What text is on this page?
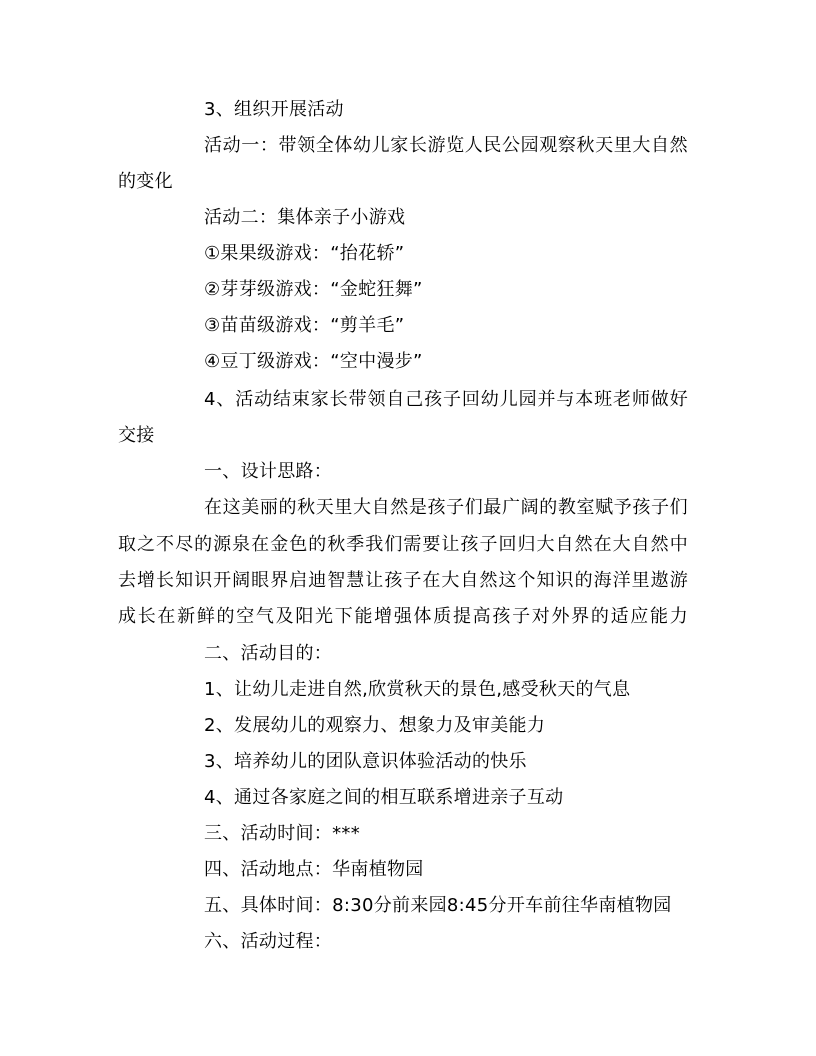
3、组织开展活动
活动一：带领全体幼儿家长游览人民公园观察秋天里大自然
的变化
活动二：集体亲子小游戏
①果果级游戏：“抬花轿”
②芽芽级游戏：“金蛇狂舞”
③苗苗级游戏：“剪羊毛”
④豆丁级游戏：“空中漫步”
4、活动结束家长带领自己孩子回幼儿园并与本班老师做好
交接
一、设计思路：
在这美丽的秋天里大自然是孩子们最广阔的教室赋予孩子们
取之不尽的源泉在金色的秋季我们需要让孩子回归大自然在大自然中
去增长知识开阔眼界启迪智慧让孩子在大自然这个知识的海洋里遨游
成长在新鲜的空气及阳光下能增强体质提高孩子对外界的适应能力
二、活动目的：
1、让幼儿走进自然,欣赏秋天的景色,感受秋天的气息
2、发展幼儿的观察力、想象力及审美能力
3、培养幼儿的团队意识体验活动的快乐
4、通过各家庭之间的相互联系增进亲子互动
三、活动时间：***
四、活动地点：华南植物园
五、具体时间：8:30分前来园8:45分开车前往华南植物园
六、活动过程：
